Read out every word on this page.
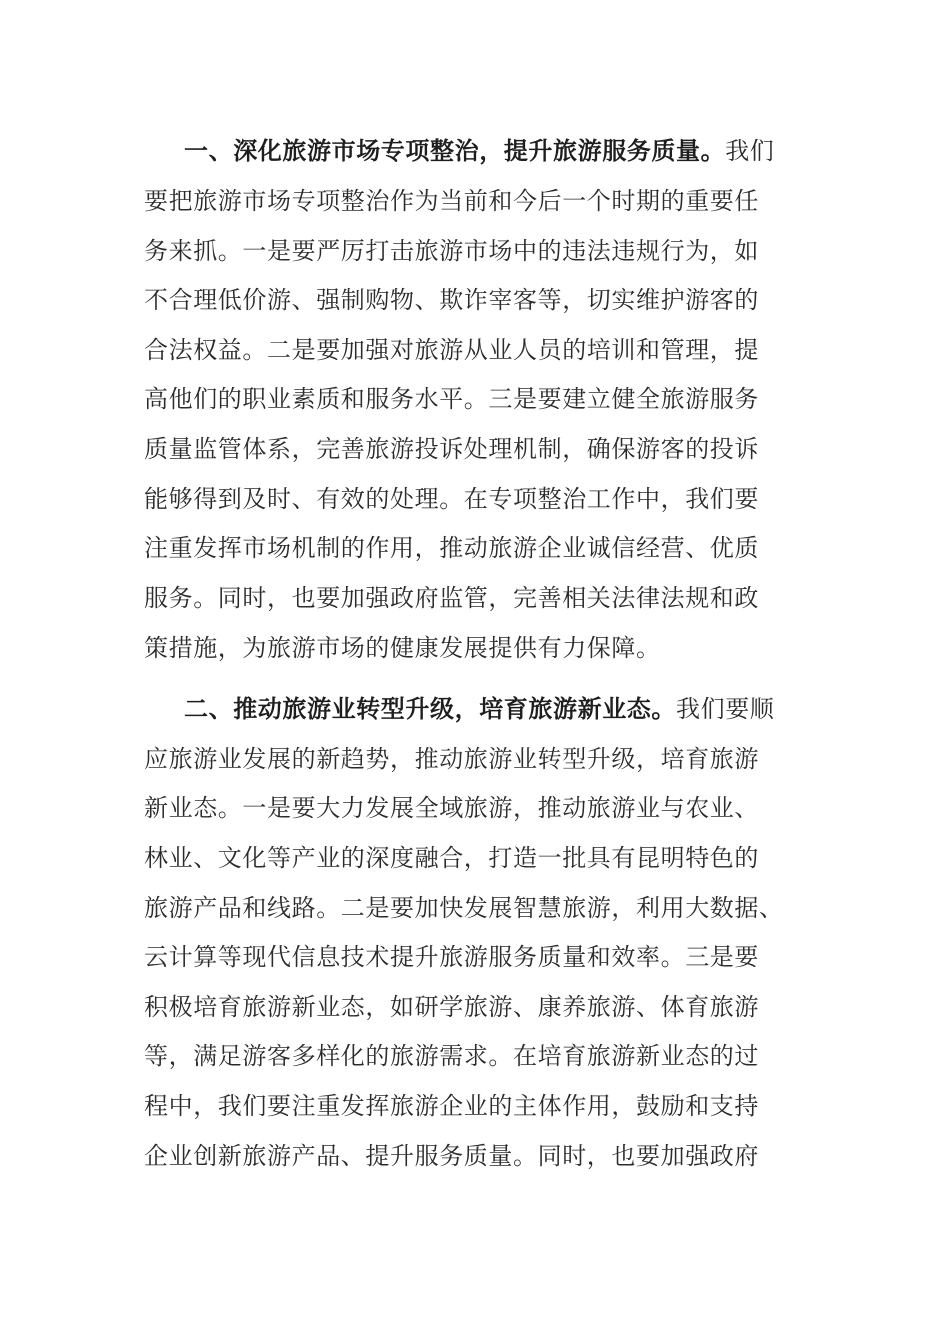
一、深化旅游市场专项整治，提升旅游服务质量。我们
要把旅游市场专项整治作为当前和今后一个时期的重要任
务来抓。一是要严厉打击旅游市场中的违法违规行为，如
不合理低价游、强制购物、欺诈宰客等，切实维护游客的
合法权益。二是要加强对旅游从业人员的培训和管理，提
高他们的职业素质和服务水平。三是要建立健全旅游服务
质量监管体系，完善旅游投诉处理机制，确保游客的投诉
能够得到及时、有效的处理。在专项整治工作中，我们要
注重发挥市场机制的作用，推动旅游企业诚信经营、优质
服务。同时，也要加强政府监管，完善相关法律法规和政
策措施，为旅游市场的健康发展提供有力保障。
二、推动旅游业转型升级，培育旅游新业态。我们要顺
应旅游业发展的新趋势，推动旅游业转型升级，培育旅游
新业态。一是要大力发展全域旅游，推动旅游业与农业、
林业、文化等产业的深度融合，打造一批具有昆明特色的
旅游产品和线路。二是要加快发展智慧旅游，利用大数据、
云计算等现代信息技术提升旅游服务质量和效率。三是要
积极培育旅游新业态，如研学旅游、康养旅游、体育旅游
等，满足游客多样化的旅游需求。在培育旅游新业态的过
程中，我们要注重发挥旅游企业的主体作用，鼓励和支持
企业创新旅游产品、提升服务质量。同时，也要加强政府
